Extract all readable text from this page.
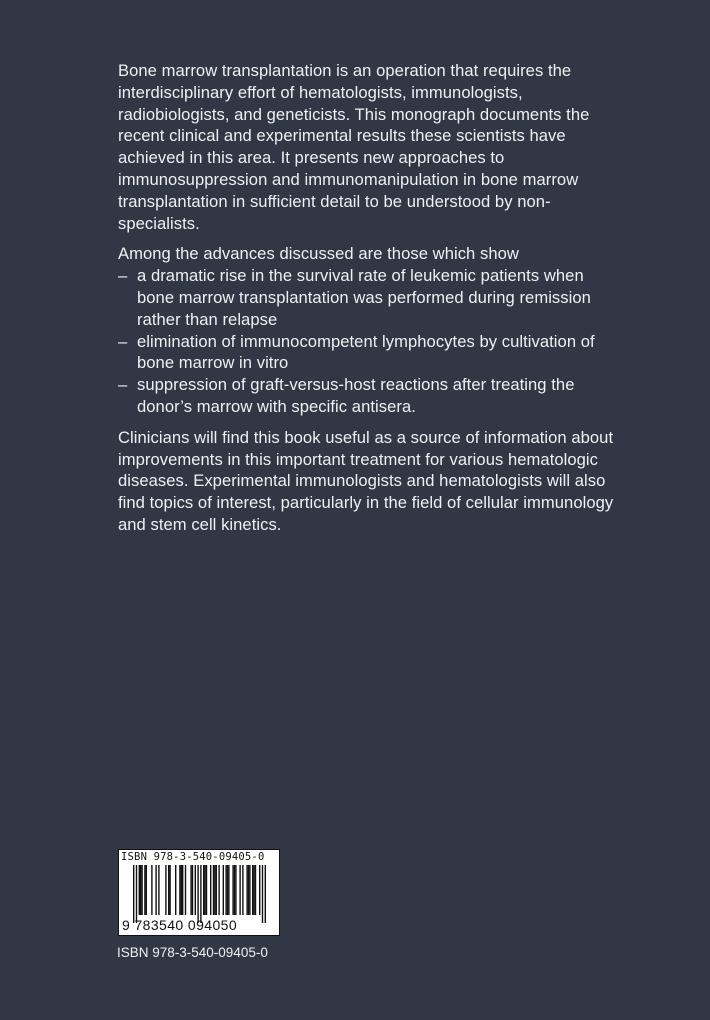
Bone marrow transplantation is an operation that requires the interdisciplinary effort of hematologists, immunologists, radiobiologists, and geneticists. This monograph documents the recent clinical and experimental results these scientists have achieved in this area. It presents new approaches to immunosuppression and immunomanipulation in bone marrow transplantation in sufficient detail to be understood by non-specialists.

Among the advances discussed are those which show

– a dramatic rise in the survival rate of leukemic patients when bone marrow transplantation was performed during remission rather than relapse
– elimination of immunocompetent lymphocytes by cultivation of bone marrow in vitro
– suppression of graft-versus-host reactions after treating the donor’s marrow with specific antisera.

Clinicians will find this book useful as a source of information about improvements in this important treatment for various hematologic diseases. Experimental immunologists and hematologists will also find topics of interest, particularly in the field of cellular immunology and stem cell kinetics.

ISBN 978-3-540-09405-0
9 783540 094050
ISBN 978-3-540-09405-0
